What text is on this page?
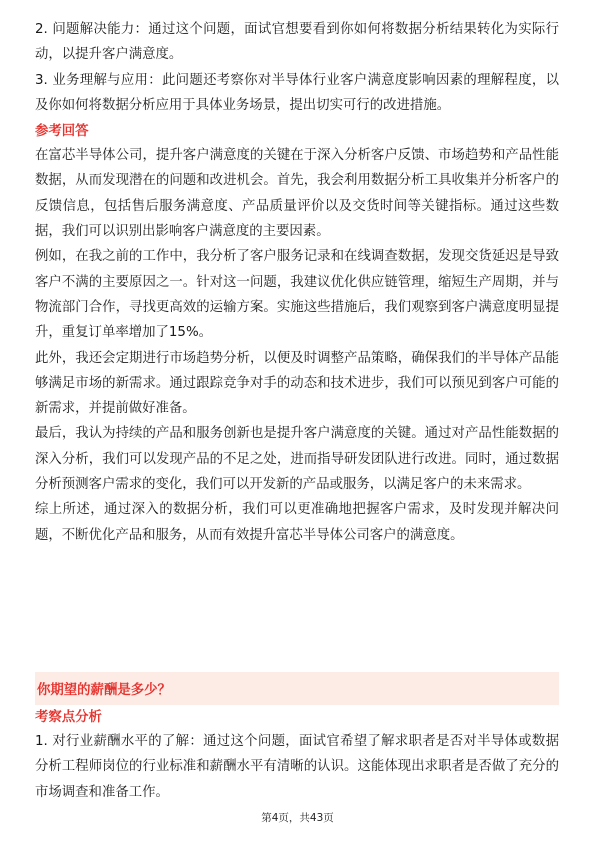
2. 问题解决能力：通过这个问题，面试官想要看到你如何将数据分析结果转化为实际行动，以提升客户满意度。

3. 业务理解与应用：此问题还考察你对半导体行业客户满意度影响因素的理解程度，以及你如何将数据分析应用于具体业务场景，提出切实可行的改进措施。

参考回答

在富芯半导体公司，提升客户满意度的关键在于深入分析客户反馈、市场趋势和产品性能数据，从而发现潜在的问题和改进机会。首先，我会利用数据分析工具收集并分析客户的反馈信息，包括售后服务满意度、产品质量评价以及交货时间等关键指标。通过这些数据，我们可以识别出影响客户满意度的主要因素。

例如，在我之前的工作中，我分析了客户服务记录和在线调查数据，发现交货延迟是导致客户不满的主要原因之一。针对这一问题，我建议优化供应链管理，缩短生产周期，并与物流部门合作，寻找更高效的运输方案。实施这些措施后，我们观察到客户满意度明显提升，重复订单率增加了15%。

此外，我还会定期进行市场趋势分析，以便及时调整产品策略，确保我们的半导体产品能够满足市场的新需求。通过跟踪竞争对手的动态和技术进步，我们可以预见到客户可能的新需求，并提前做好准备。

最后，我认为持续的产品和服务创新也是提升客户满意度的关键。通过对产品性能数据的深入分析，我们可以发现产品的不足之处，进而指导研发团队进行改进。同时，通过数据分析预测客户需求的变化，我们可以开发新的产品或服务，以满足客户的未来需求。

综上所述，通过深入的数据分析，我们可以更准确地把握客户需求，及时发现并解决问题，不断优化产品和服务，从而有效提升富芯半导体公司客户的满意度。

你期望的薪酬是多少？
考察点分析

1. 对行业薪酬水平的了解：通过这个问题，面试官希望了解求职者是否对半导体或数据分析工程师岗位的行业标准和薪酬水平有清晰的认识。这能体现出求职者是否做了充分的市场调查和准备工作。

第4页，共43页
